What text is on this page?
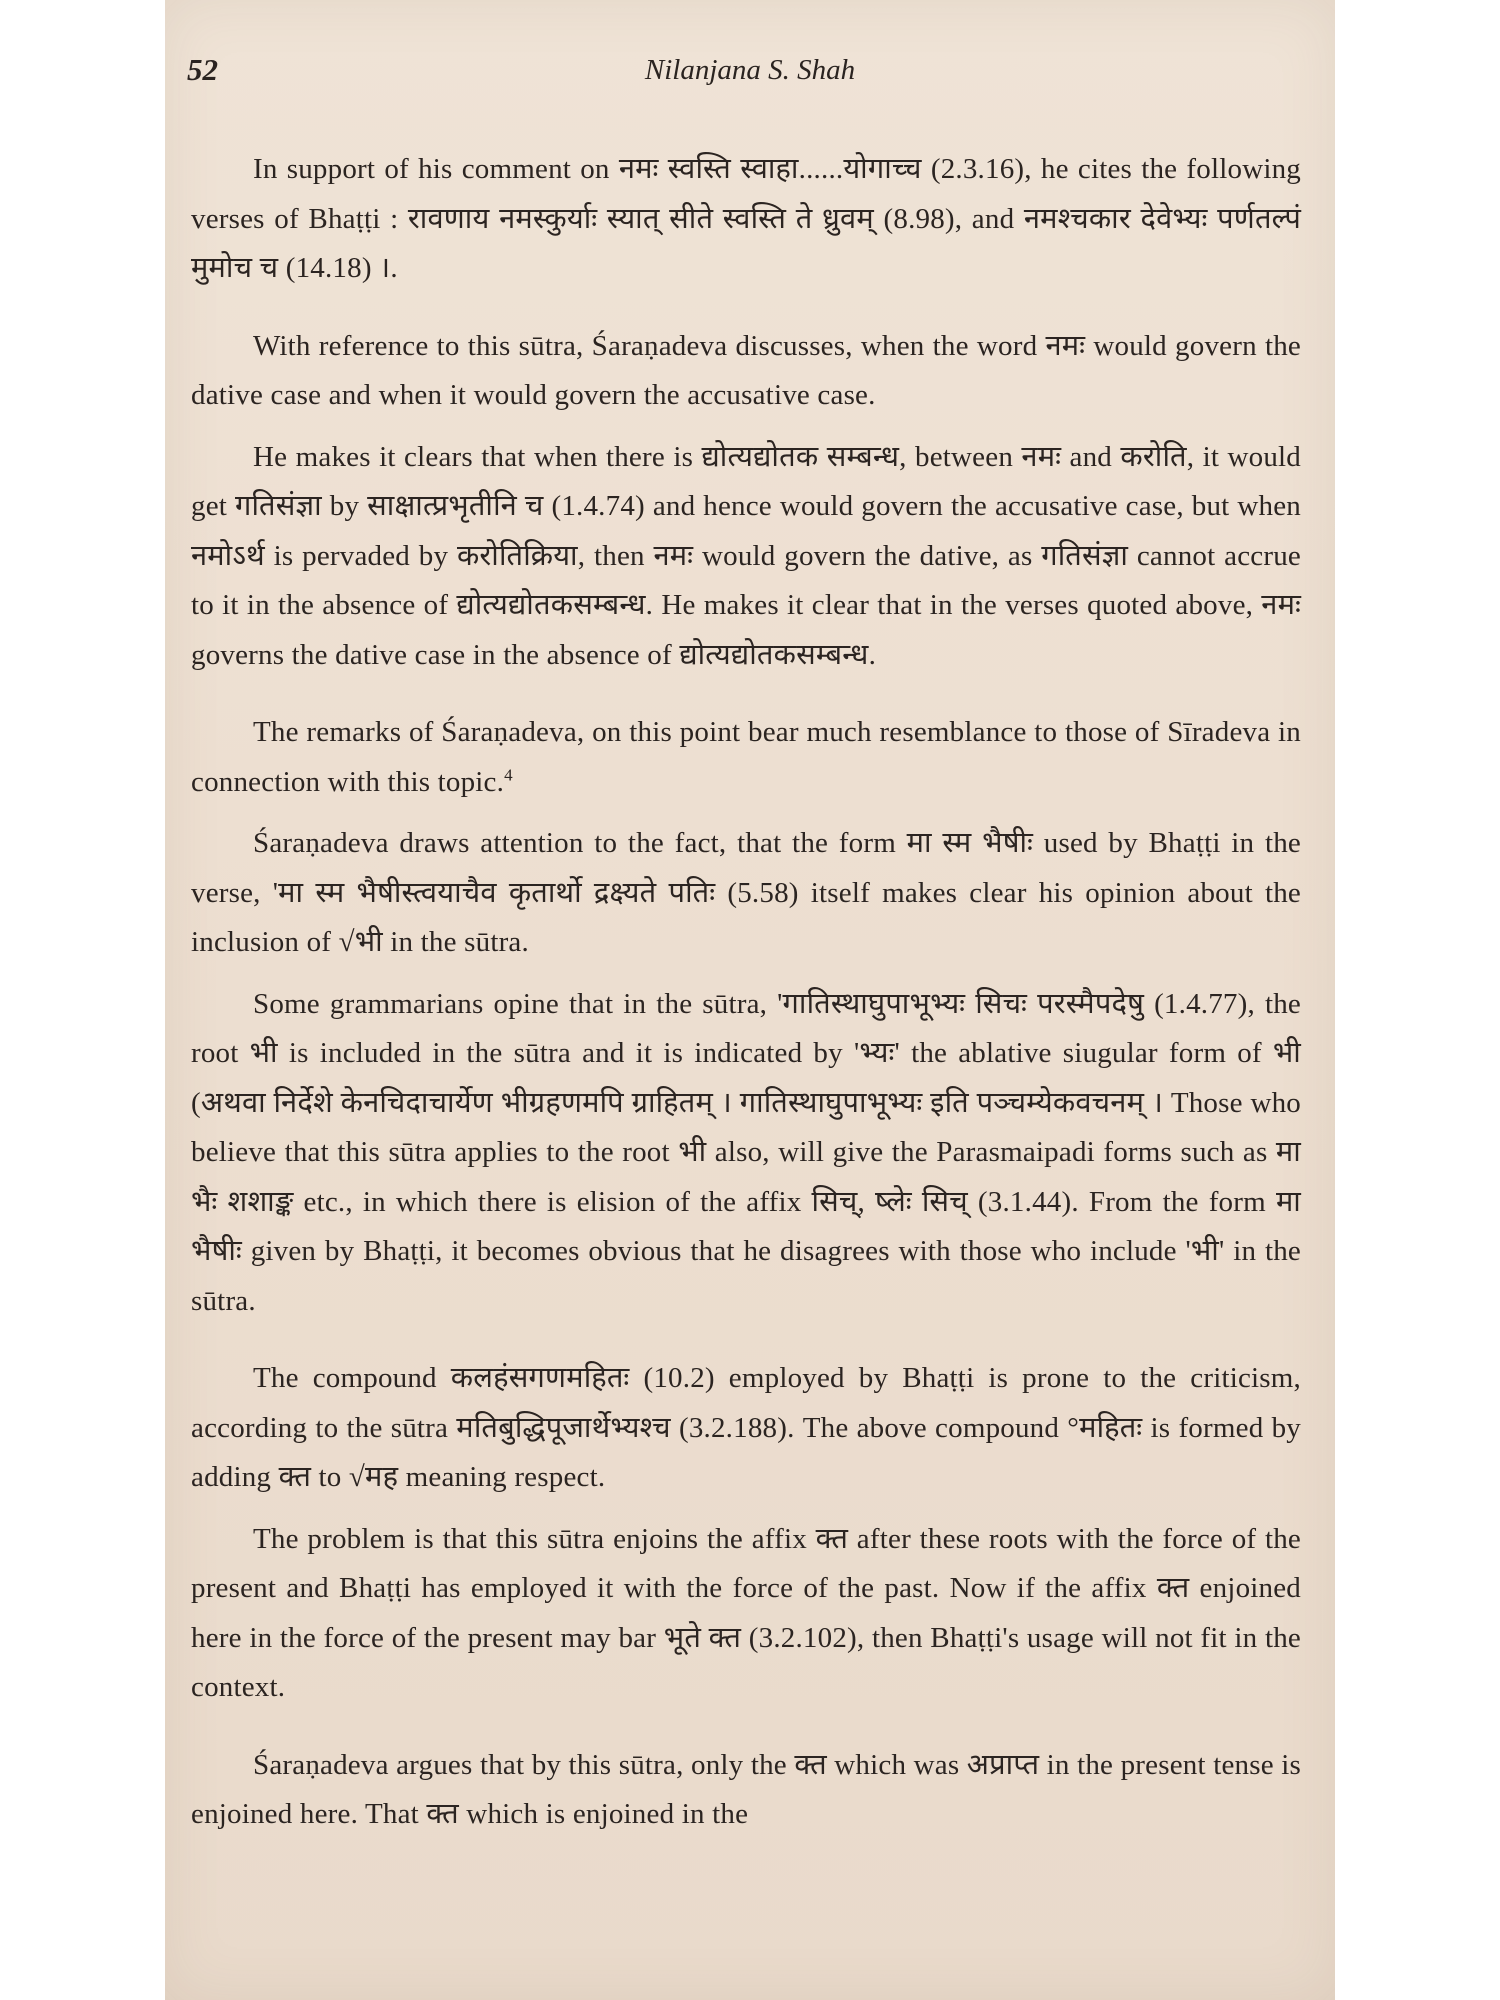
52	Nilanjana S. Shah

In support of his comment on नमः स्वस्ति स्वाहा......योगाच्च (2.3.16), he cites the following verses of Bhaṭṭi : रावणाय नमस्कुर्याः स्यात् सीते स्वस्ति ते ध्रुवम् (8.98), and नमश्चकार देवेभ्यः पर्णतल्पं मुमोच च (14.18) ।.

With reference to this sūtra, Śaraṇadeva discusses, when the word नमः would govern the dative case and when it would govern the accusative case.

He makes it clears that when there is द्योत्यद्योतक सम्बन्ध, between नमः and करोति, it would get गतिसंज्ञा by साक्षात्प्रभृतीनि च (1.4.74) and hence would govern the accusative case, but when नमोऽर्थ is pervaded by करोतिक्रिया, then नमः would govern the dative, as गतिसंज्ञा cannot accrue to it in the absence of द्योत्यद्योतकसम्बन्ध. He makes it clear that in the verses quoted above, नमः governs the dative case in the absence of द्योत्यद्योतकसम्बन्ध.

The remarks of Śaraṇadeva, on this point bear much resemblance to those of Sīradeva in connection with this topic.$^4$

Śaraṇadeva draws attention to the fact, that the form मा स्म भैषीः used by Bhaṭṭi in the verse, 'मा स्म भैषीस्त्वयाचैव कृतार्थो द्रक्ष्यते पतिः (5.58) itself makes clear his opinion about the inclusion of √भी in the sūtra.

Some grammarians opine that in the sūtra, 'गातिस्थाघुपाभूभ्यः सिचः परस्मैपदेषु (1.4.77), the root भी is included in the sūtra and it is indicated by 'भ्यः' the ablative siugular form of भी (अथवा निर्देशे केनचिदाचार्येण भीग्रहणमपि ग्राहितम् । गातिस्थाघुपाभूभ्यः इति पञ्चम्येकवचनम् । Those who believe that this sūtra applies to the root भी also, will give the Parasmaipadi forms such as मा भैः शशाङ्क etc., in which there is elision of the affix सिच्, ष्लेः सिच् (3.1.44). From the form मा भैषीः given by Bhaṭṭi, it becomes obvious that he disagrees with those who include 'भी' in the sūtra.

The compound कलहंसगणमहितः (10.2) employed by Bhaṭṭi is prone to the criticism, according to the sūtra मतिबुद्धिपूजार्थेभ्यश्च (3.2.188). The above compound °महितः is formed by adding क्त to √मह meaning respect.

The problem is that this sūtra enjoins the affix क्त after these roots with the force of the present and Bhaṭṭi has employed it with the force of the past. Now if the affix क्त enjoined here in the force of the present may bar भूते क्त (3.2.102), then Bhaṭṭi's usage will not fit in the context.

Śaraṇadeva argues that by this sūtra, only the क्त which was अप्राप्त in the present tense is enjoined here. That क्त which is enjoined in the
